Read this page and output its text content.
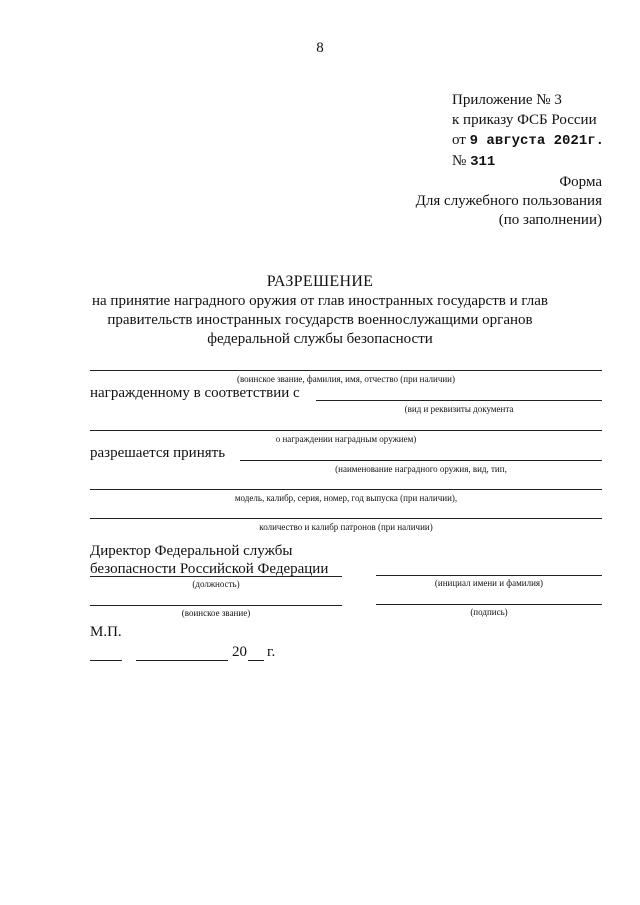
8
Приложение № 3
к приказу ФСБ России
от 9 августа 2021г.
№ 311
Форма
Для служебного пользования
(по заполнении)
РАЗРЕШЕНИЕ
на принятие наградного оружия от глав иностранных государств и глав
правительств иностранных государств военнослужащими органов
федеральной службы безопасности
(воинское звание, фамилия, имя, отчество (при наличии)
награжденному в соответствии с
(вид и реквизиты документа
о награждении наградным оружием)
разрешается принять
(наименование наградного оружия, вид, тип,
модель, калибр, серия, номер, год выпуска (при наличии),
количество и калибр патронов (при наличии)
Директор Федеральной службы
безопасности Российской Федерации
(должность)	(инициал имени и фамилия)
(воинское звание)	(подпись)
М.П.
20 г.
